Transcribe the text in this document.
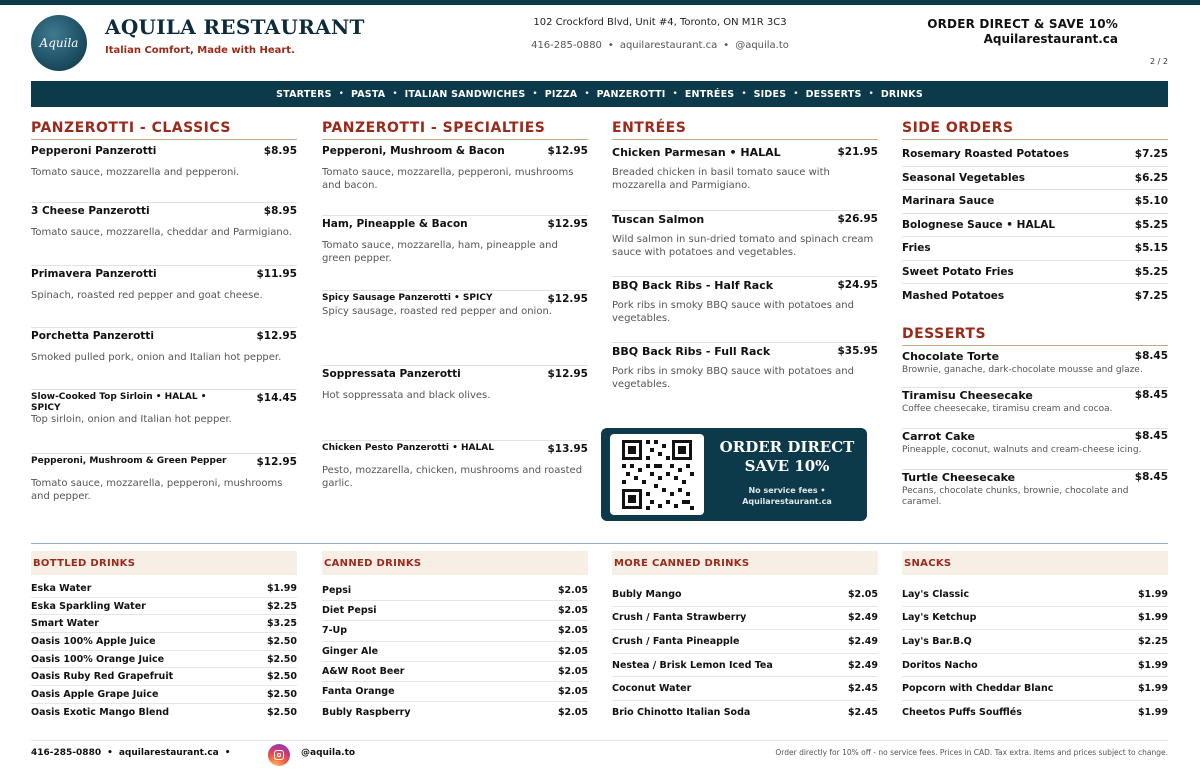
Aquila
AQUILA RESTAURANT
Italian Comfort, Made with Heart.
102 Crockford Blvd, Unit #4, Toronto, ON M1R 3C3
416-285-0880 • aquilarestaurant.ca • @aquila.to
ORDER DIRECT & SAVE 10%
Aquilarestaurant.ca
2 / 2
STARTERS • PASTA • ITALIAN SANDWICHES • PIZZA • PANZEROTTI • ENTRÉES • SIDES • DESSERTS • DRINKS
PANZEROTTI - CLASSICS
Pepperoni Panzerotti	$8.95
Tomato sauce, mozzarella and pepperoni.
3 Cheese Panzerotti	$8.95
Tomato sauce, mozzarella, cheddar and Parmigiano.
Primavera Panzerotti	$11.95
Spinach, roasted red pepper and goat cheese.
Porchetta Panzerotti	$12.95
Smoked pulled pork, onion and Italian hot pepper.
Slow-Cooked Top Sirloin • HALAL • SPICY
$14.45
Top sirloin, onion and Italian hot pepper.
Pepperoni, Mushroom & Green Pepper	$12.95
Tomato sauce, mozzarella, pepperoni, mushrooms and pepper.
PANZEROTTI - SPECIALTIES
Pepperoni, Mushroom & Bacon	$12.95
Tomato sauce, mozzarella, pepperoni, mushrooms and bacon.
Ham, Pineapple & Bacon	$12.95
Tomato sauce, mozzarella, ham, pineapple and green pepper.
Spicy Sausage Panzerotti • SPICY	$12.95
Spicy sausage, roasted red pepper and onion.
Soppressata Panzerotti	$12.95
Hot soppressata and black olives.
Chicken Pesto Panzerotti • HALAL	$13.95
Pesto, mozzarella, chicken, mushrooms and roasted garlic.
ENTRÉES
Chicken Parmesan • HALAL	$21.95
Breaded chicken in basil tomato sauce with mozzarella and Parmigiano.
Tuscan Salmon	$26.95
Wild salmon in sun-dried tomato and spinach cream sauce with potatoes and vegetables.
BBQ Back Ribs - Half Rack	$24.95
Pork ribs in smoky BBQ sauce with potatoes and vegetables.
BBQ Back Ribs - Full Rack	$35.95
Pork ribs in smoky BBQ sauce with potatoes and vegetables.
ORDER DIRECT
SAVE 10%
No service fees •
Aquilarestaurant.ca
SIDE ORDERS
Rosemary Roasted Potatoes	$7.25
Seasonal Vegetables	$6.25
Marinara Sauce	$5.10
Bolognese Sauce • HALAL	$5.25
Fries	$5.15
Sweet Potato Fries	$5.25
Mashed Potatoes	$7.25
DESSERTS
Chocolate Torte	$8.45
Brownie, ganache, dark-chocolate mousse and glaze.
Tiramisu Cheesecake	$8.45
Coffee cheesecake, tiramisu cream and cocoa.
Carrot Cake	$8.45
Pineapple, coconut, walnuts and cream-cheese icing.
Turtle Cheesecake	$8.45
Pecans, chocolate chunks, brownie, chocolate and caramel.
BOTTLED DRINKS
Eska Water	$1.99
Eska Sparkling Water	$2.25
Smart Water	$3.25
Oasis 100% Apple Juice	$2.50
Oasis 100% Orange Juice	$2.50
Oasis Ruby Red Grapefruit	$2.50
Oasis Apple Grape Juice	$2.50
Oasis Exotic Mango Blend	$2.50
CANNED DRINKS
Pepsi	$2.05
Diet Pepsi	$2.05
7-Up	$2.05
Ginger Ale	$2.05
A&W Root Beer	$2.05
Fanta Orange	$2.05
Bubly Raspberry	$2.05
MORE CANNED DRINKS
Bubly Mango	$2.05
Crush / Fanta Strawberry	$2.49
Crush / Fanta Pineapple	$2.49
Nestea / Brisk Lemon Iced Tea	$2.49
Coconut Water	$2.45
Brio Chinotto Italian Soda	$2.45
SNACKS
Lay's Classic	$1.99
Lay's Ketchup	$1.99
Lay's Bar.B.Q	$2.25
Doritos Nacho	$1.99
Popcorn with Cheddar Blanc	$1.99
Cheetos Puffs Soufflés	$1.99
416-285-0880 • aquilarestaurant.ca •	@aquila.to	Order directly for 10% off - no service fees. Prices in CAD. Tax extra. Items and prices subject to change.
